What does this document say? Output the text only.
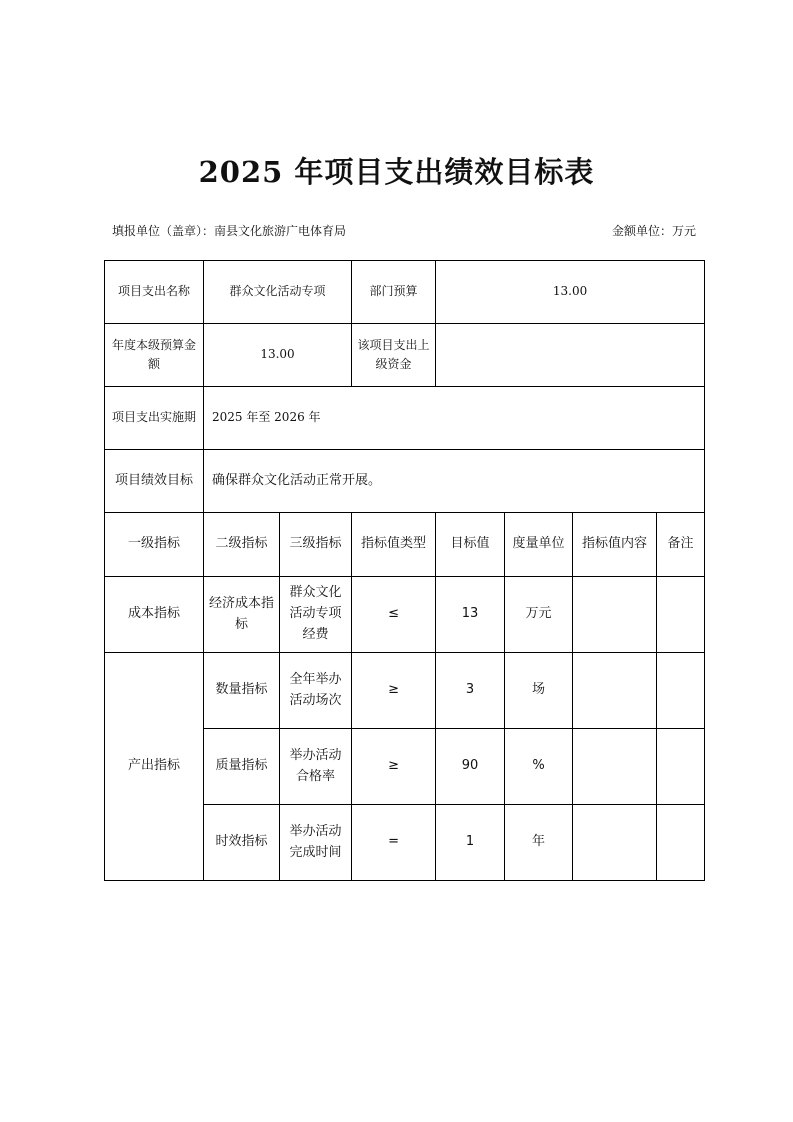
2025 年项目支出绩效目标表
填报单位（盖章）：南县文化旅游广电体育局	金额单位：万元
项目支出名称	群众文化活动专项		部门预算	13.00			
年度本级预算金额	13.00		该项目支出上级资金				
项目支出实施期	2025 年至 2026 年						
项目绩效目标	确保群众文化活动正常开展。						
一级指标	二级指标	三级指标	指标值类型	目标值	度量单位	指标值内容	备注
成本指标	经济成本指标	群众文化活动专项经费	≤	13	万元		
产出指标	数量指标	全年举办活动场次	≥	3	场		
	质量指标	举办活动合格率	≥	90	%		
	时效指标	举办活动完成时间	=	1	年		
